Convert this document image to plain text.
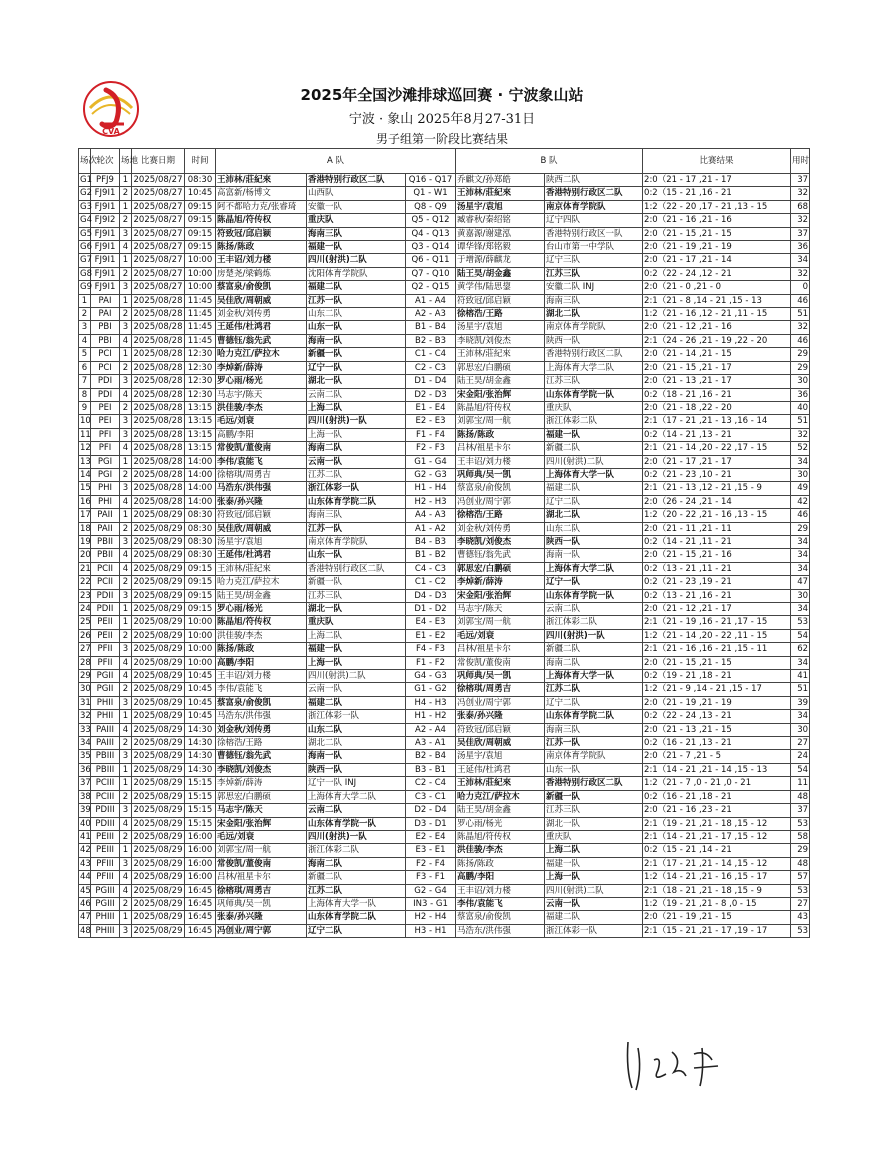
CVA
2025年全国沙滩排球巡回赛 · 宁波象山站
宁波 · 象山 2025年8月27-31日
男子组第一阶段比赛结果
场次	轮次	场地	比赛日期	时间	A 队			B 队		比赛结果	用时
G1	PFJ9	1	2025/08/27	08:30	王沛林/莊紀來	香港特别行政区二队	Q16 - Q17	乔麒文/孙郑皓	陕西二队	2:0（21 - 17 ,21 - 17	37
G2	FJ9I1	2	2025/08/27	10:45	高富新/杨博文	山西队	Q1 - W1	王沛林/莊紀來	香港特别行政区二队	0:2（15 - 21 ,16 - 21	32
G3	FJ9I1	1	2025/08/27	09:15	阿不都哈力克/张睿琦	安徽一队	Q8 - Q9	汤星宇/袁旭	南京体育学院队	1:2（22 - 20 ,17 - 21 ,13 - 15	68
G4	FJ9I2	2	2025/08/27	09:15	陈晶旭/符传权	重庆队	Q5 - Q12	臧睿秋/秦绍铭	辽宁四队	2:0（21 - 16 ,21 - 16	32
G5	FJ9I1	3	2025/08/27	09:15	符致冠/邱启颖	海南三队	Q4 - Q13	黄嘉源/谢建泓	香港特别行政区一队	2:0（21 - 15 ,21 - 15	37
G6	FJ9I1	4	2025/08/27	09:15	陈扬/陈政	福建一队	Q3 - Q14	谭华锋/郑铭毅	台山市第一中学队	2:0（21 - 19 ,21 - 19	36
G7	FJ9I1	1	2025/08/27	10:00	王丰诏/刘力楼	四川(射洪)二队	Q6 - Q11	于增源/薛麒龙	辽宁三队	2:0（21 - 17 ,21 - 14	34
G8	FJ9I1	2	2025/08/27	10:00	房楚尧/梁鹤炼	沈阳体育学院队	Q7 - Q10	陆王昊/胡金鑫	江苏三队	0:2（22 - 24 ,12 - 21	32
G9	FJ9I1	3	2025/08/27	10:00	蔡富泉/俞俊凯	福建二队	Q2 - Q15	黄学伟/陆思鋆	安徽二队 INJ	2:0（21 - 0 ,21 - 0	0
1	PAI	1	2025/08/28	11:45	吴佳欣/周朝威	江苏一队	A1 - A4	符致冠/邱启颖	海南三队	2:1（21 - 8 ,14 - 21 ,15 - 13	46
2	PAI	2	2025/08/28	11:45	刘金秋/刘传勇	山东二队	A2 - A3	徐榕浩/王路	湖北二队	1:2（21 - 16 ,12 - 21 ,11 - 15	51
3	PBI	3	2025/08/28	11:45	王延伟/杜鸿君	山东一队	B1 - B4	汤星宇/袁旭	南京体育学院队	2:0（21 - 12 ,21 - 16	32
4	PBI	4	2025/08/28	11:45	曹德钰/翁先武	海南一队	B2 - B3	李晓凯/刘俊杰	陕西一队	2:1（24 - 26 ,21 - 19 ,22 - 20	46
5	PCI	1	2025/08/28	12:30	哈力克江/萨拉木	新疆一队	C1 - C4	王沛林/莊紀來	香港特别行政区二队	2:0（21 - 14 ,21 - 15	29
6	PCI	2	2025/08/28	12:30	李焯新/薛涛	辽宁一队	C2 - C3	郭思宏/白鹏硕	上海体育大学二队	2:0（21 - 15 ,21 - 17	29
7	PDI	3	2025/08/28	12:30	罗心雨/杨光	湖北一队	D1 - D4	陆王昊/胡金鑫	江苏三队	2:0（21 - 13 ,21 - 17	30
8	PDI	4	2025/08/28	12:30	马志宇/陈天	云南二队	D2 - D3	宋金阳/张治辉	山东体育学院一队	0:2（18 - 21 ,16 - 21	36
9	PEI	2	2025/08/28	13:15	洪佳骏/李杰	上海二队	E1 - E4	陈晶旭/符传权	重庆队	2:0（21 - 18 ,22 - 20	40
10	PEI	3	2025/08/28	13:15	毛远/刘衰	四川(射洪)一队	E2 - E3	刘郭宝/周一航	浙江体彩二队	2:1（17 - 21 ,21 - 13 ,16 - 14	51
11	PFI	3	2025/08/28	13:15	高鹏/李阳	上海一队	F1 - F4	陈扬/陈政	福建一队	0:2（14 - 21 ,13 - 21	32
12	PFI	4	2025/08/28	13:15	常俊凯/董俊南	海南二队	F2 - F3	吕林/祖星卡尔	新疆二队	2:1（21 - 14 ,20 - 22 ,17 - 15	52
13	PGI	1	2025/08/28	14:00	李伟/袁能飞	云南一队	G1 - G4	王丰诏/刘力楼	四川(射洪)二队	2:0（21 - 17 ,21 - 17	34
14	PGI	2	2025/08/28	14:00	徐榕琪/周勇吉	江苏二队	G2 - G3	巩师典/吴一凯	上海体育大学一队	0:2（21 - 23 ,10 - 21	30
15	PHI	3	2025/08/28	14:00	马浩东/洪伟强	浙江体彩一队	H1 - H4	蔡富泉/俞俊凯	福建二队	2:1（21 - 13 ,12 - 21 ,15 - 9	49
16	PHI	4	2025/08/28	14:00	张泰/孙兴隆	山东体育学院二队	H2 - H3	冯创业/周宁郭	辽宁二队	2:0（26 - 24 ,21 - 14	42
17	PAII	1	2025/08/29	08:30	符致冠/邱启颖	海南三队	A4 - A3	徐榕浩/王路	湖北二队	1:2（20 - 22 ,21 - 16 ,13 - 15	46
18	PAII	2	2025/08/29	08:30	吴佳欣/周朝威	江苏一队	A1 - A2	刘金秋/刘传勇	山东二队	2:0（21 - 11 ,21 - 11	29
19	PBII	3	2025/08/29	08:30	汤星宇/袁旭	南京体育学院队	B4 - B3	李晓凯/刘俊杰	陕西一队	0:2（14 - 21 ,11 - 21	34
20	PBII	4	2025/08/29	08:30	王延伟/杜鸿君	山东一队	B1 - B2	曹德钰/翁先武	海南一队	2:0（21 - 15 ,21 - 16	34
21	PCII	4	2025/08/29	09:15	王沛林/莊紀來	香港特别行政区二队	C4 - C3	郭思宏/白鹏硕	上海体育大学二队	0:2（13 - 21 ,11 - 21	34
22	PCII	2	2025/08/29	09:15	哈力克江/萨拉木	新疆一队	C1 - C2	李焯新/薛涛	辽宁一队	0:2（21 - 23 ,19 - 21	47
23	PDII	3	2025/08/29	09:15	陆王昊/胡金鑫	江苏三队	D4 - D3	宋金阳/张治辉	山东体育学院一队	0:2（13 - 21 ,16 - 21	30
24	PDII	1	2025/08/29	09:15	罗心雨/杨光	湖北一队	D1 - D2	马志宇/陈天	云南二队	2:0（21 - 12 ,21 - 17	34
25	PEII	1	2025/08/29	10:00	陈晶旭/符传权	重庆队	E4 - E3	刘郭宝/周一航	浙江体彩二队	2:1（21 - 19 ,16 - 21 ,17 - 15	53
26	PEII	2	2025/08/29	10:00	洪佳骏/李杰	上海二队	E1 - E2	毛远/刘衰	四川(射洪)一队	1:2（21 - 14 ,20 - 22 ,11 - 15	54
27	PFII	3	2025/08/29	10:00	陈扬/陈政	福建一队	F4 - F3	吕林/祖星卡尔	新疆二队	2:1（21 - 16 ,16 - 21 ,15 - 11	62
28	PFII	4	2025/08/29	10:00	高鹏/李阳	上海一队	F1 - F2	常俊凯/董俊南	海南二队	2:0（21 - 15 ,21 - 15	34
29	PGII	4	2025/08/29	10:45	王丰诏/刘力楼	四川(射洪)二队	G4 - G3	巩师典/吴一凯	上海体育大学一队	0:2（19 - 21 ,18 - 21	41
30	PGII	2	2025/08/29	10:45	李伟/袁能飞	云南一队	G1 - G2	徐榕琪/周勇吉	江苏二队	1:2（21 - 9 ,14 - 21 ,15 - 17	51
31	PHII	3	2025/08/29	10:45	蔡富泉/俞俊凯	福建二队	H4 - H3	冯创业/周宁郭	辽宁二队	2:0（21 - 19 ,21 - 19	39
32	PHII	1	2025/08/29	10:45	马浩东/洪伟强	浙江体彩一队	H1 - H2	张泰/孙兴隆	山东体育学院二队	0:2（22 - 24 ,13 - 21	34
33	PAIII	4	2025/08/29	14:30	刘金秋/刘传勇	山东二队	A2 - A4	符致冠/邱启颖	海南三队	2:0（21 - 13 ,21 - 15	30
34	PAIII	2	2025/08/29	14:30	徐榕浩/王路	湖北二队	A3 - A1	吴佳欣/周朝威	江苏一队	0:2（16 - 21 ,13 - 21	27
35	PBIII	3	2025/08/29	14:30	曹德钰/翁先武	海南一队	B2 - B4	汤星宇/袁旭	南京体育学院队	2:0（21 - 7 ,21 - 5	24
36	PBIII	1	2025/08/29	14:30	李晓凯/刘俊杰	陕西一队	B3 - B1	王延伟/杜鸿君	山东一队	2:1（14 - 21 ,21 - 14 ,15 - 13	54
37	PCIII	1	2025/08/29	15:15	李焯新/薛涛	辽宁一队 INJ	C2 - C4	王沛林/莊紀來	香港特别行政区二队	1:2（21 - 7 ,0 - 21 ,0 - 21	11
38	PCIII	2	2025/08/29	15:15	郭思宏/白鹏硕	上海体育大学二队	C3 - C1	哈力克江/萨拉木	新疆一队	0:2（16 - 21 ,18 - 21	48
39	PDIII	3	2025/08/29	15:15	马志宇/陈天	云南二队	D2 - D4	陆王昊/胡金鑫	江苏三队	2:0（21 - 16 ,23 - 21	37
40	PDIII	4	2025/08/29	15:15	宋金阳/张治辉	山东体育学院一队	D3 - D1	罗心雨/杨光	湖北一队	2:1（19 - 21 ,21 - 18 ,15 - 12	53
41	PEIII	2	2025/08/29	16:00	毛远/刘衰	四川(射洪)一队	E2 - E4	陈晶旭/符传权	重庆队	2:1（14 - 21 ,21 - 17 ,15 - 12	58
42	PEIII	1	2025/08/29	16:00	刘郭宝/周一航	浙江体彩二队	E3 - E1	洪佳骏/李杰	上海二队	0:2（15 - 21 ,14 - 21	29
43	PFIII	3	2025/08/29	16:00	常俊凯/董俊南	海南二队	F2 - F4	陈扬/陈政	福建一队	2:1（17 - 21 ,21 - 14 ,15 - 12	48
44	PFIII	4	2025/08/29	16:00	吕林/祖星卡尔	新疆二队	F3 - F1	高鹏/李阳	上海一队	1:2（14 - 21 ,21 - 16 ,15 - 17	57
45	PGIII	4	2025/08/29	16:45	徐榕琪/周勇吉	江苏二队	G2 - G4	王丰诏/刘力楼	四川(射洪)二队	2:1（18 - 21 ,21 - 18 ,15 - 9	53
46	PGIII	2	2025/08/29	16:45	巩师典/吴一凯	上海体育大学一队	IN3 - G1	李伟/袁能飞	云南一队	1:2（19 - 21 ,21 - 8 ,0 - 15	27
47	PHIII	1	2025/08/29	16:45	张泰/孙兴隆	山东体育学院二队	H2 - H4	蔡富泉/俞俊凯	福建二队	2:0（21 - 19 ,21 - 15	43
48	PHIII	3	2025/08/29	16:45	冯创业/周宁郭	辽宁二队	H3 - H1	马浩东/洪伟强	浙江体彩一队	2:1（15 - 21 ,21 - 17 ,19 - 17	53
